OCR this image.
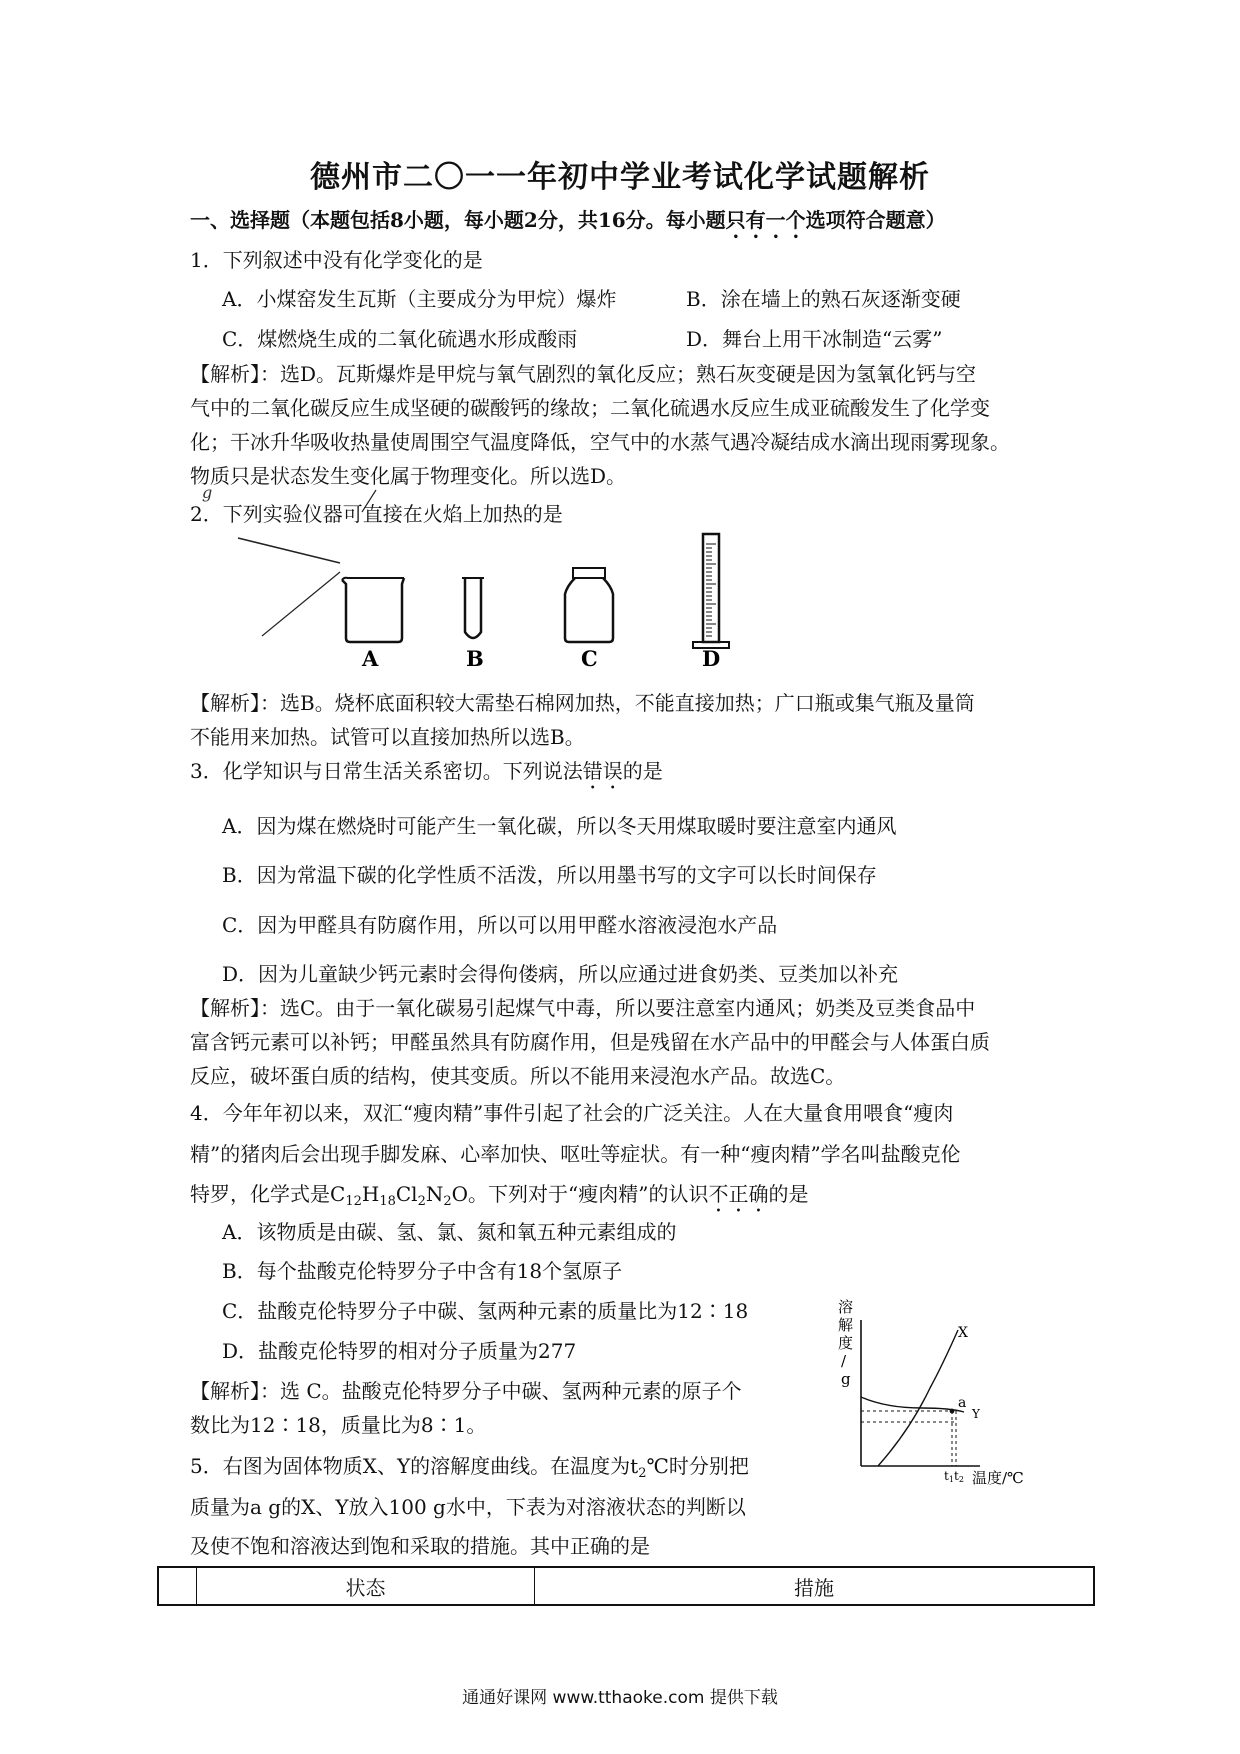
德州市二〇一一年初中学业考试化学试题解析
一、选择题（本题包括8小题，每小题2分，共16分。每小题只有一个选项符合题意）
1．下列叙述中没有化学变化的是
A．小煤窑发生瓦斯（主要成分为甲烷）爆炸	B．涂在墙上的熟石灰逐渐变硬
C．煤燃烧生成的二氧化硫遇水形成酸雨	D．舞台上用干冰制造“云雾”
【解析】：选D。瓦斯爆炸是甲烷与氧气剧烈的氧化反应；熟石灰变硬是因为氢氧化钙与空
气中的二氧化碳反应生成坚硬的碳酸钙的缘故；二氧化硫遇水反应生成亚硫酸发生了化学变
化；干冰升华吸收热量使周围空气温度降低，空气中的水蒸气遇冷凝结成水滴出现雨雾现象。
物质只是状态发生变化属于物理变化。所以选D。
2．下列实验仪器可直接在火焰上加热的是
g
A	B	C	D
【解析】：选B。烧杯底面积较大需垫石棉网加热，不能直接加热；广口瓶或集气瓶及量筒
不能用来加热。试管可以直接加热所以选B。
3．化学知识与日常生活关系密切。下列说法错误的是
A．因为煤在燃烧时可能产生一氧化碳，所以冬天用煤取暖时要注意室内通风
B．因为常温下碳的化学性质不活泼，所以用墨书写的文字可以长时间保存
C．因为甲醛具有防腐作用，所以可以用甲醛水溶液浸泡水产品
D．因为儿童缺少钙元素时会得佝偻病，所以应通过进食奶类、豆类加以补充
【解析】：选C。由于一氧化碳易引起煤气中毒，所以要注意室内通风；奶类及豆类食品中
富含钙元素可以补钙；甲醛虽然具有防腐作用，但是残留在水产品中的甲醛会与人体蛋白质
反应，破坏蛋白质的结构，使其变质。所以不能用来浸泡水产品。故选C。
4．今年年初以来，双汇“瘦肉精”事件引起了社会的广泛关注。人在大量食用喂食“瘦肉
精”的猪肉后会出现手脚发麻、心率加快、呕吐等症状。有一种“瘦肉精”学名叫盐酸克伦
特罗，化学式是$C_{12}H_{18}Cl_2N_2O$。下列对于“瘦肉精”的认识不正确的是
A．该物质是由碳、氢、氯、氮和氧五种元素组成的
B．每个盐酸克伦特罗分子中含有18个氢原子
C．盐酸克伦特罗分子中碳、氢两种元素的质量比为12∶18
D．盐酸克伦特罗的相对分子质量为277
【解析】：选 C。盐酸克伦特罗分子中碳、氢两种元素的原子个
数比为12∶18，质量比为8∶1。
5．右图为固体物质X、Y的溶解度曲线。在温度为$t_2℃$时分别把
质量为a g的X、Y放入100 g水中，下表为对溶液状态的判断以
及使不饱和溶液达到饱和采取的措施。其中正确的是
溶
解
度
/
g
X
a
Y
t1 t2 温度/℃
状态	措施
通通好课网 www.tthaoke.com 提供下载
